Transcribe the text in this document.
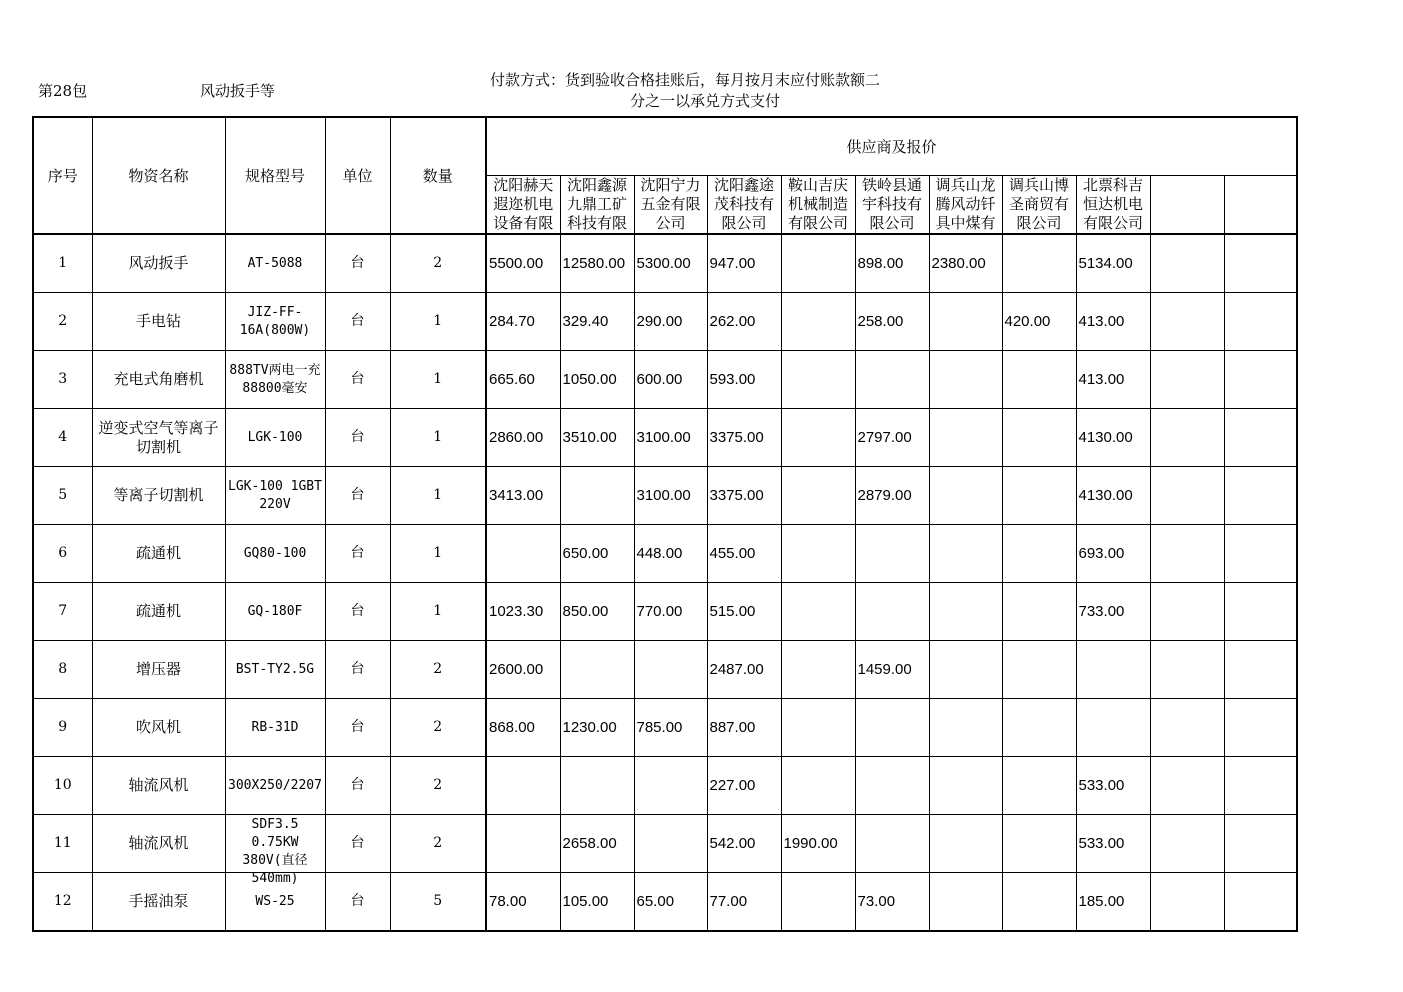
第28包	风动扳手等
付款方式：货到验收合格挂账后，每月按月末应付账款额二
分之一以承兑方式支付
序号	物资名称	规格型号	单位	数量	供应商及报价										

					沈阳赫天遐迩机电设备有限	沈阳鑫源九鼎工矿科技有限	沈阳宁力五金有限公司	沈阳鑫途茂科技有限公司	鞍山吉庆机械制造有限公司	铁岭县通宇科技有限公司	调兵山龙腾风动钎具中煤有	调兵山博圣商贸有限公司	北票科吉恒达机电有限公司		

1	风动扳手	AT-5088	台	2	5500.00	12580.00	5300.00	947.00		898.00	2380.00		5134.00		
2	手电钻	JIZ-FF-16A(800W)	台	1	284.70	329.40	290.00	262.00		258.00		420.00	413.00		
3	充电式角磨机	888TV两电一充88800毫安	台	1	665.60	1050.00	600.00	593.00					413.00		
4	逆变式空气等离子切割机	LGK-100	台	1	2860.00	3510.00	3100.00	3375.00		2797.00			4130.00		
5	等离子切割机	LGK-100 1GBT 220V	台	1	3413.00		3100.00	3375.00		2879.00			4130.00		
6	疏通机	GQ80-100	台	1		650.00	448.00	455.00					693.00		
7	疏通机	GQ-180F	台	1	1023.30	850.00	770.00	515.00					733.00		
8	增压器	BST-TY2.5G	台	2	2600.00			2487.00		1459.00					
9	吹风机	RB-31D	台	2	868.00	1230.00	785.00	887.00							
10	轴流风机	300X250/2207	台	2				227.00					533.00		
11	轴流风机	SDF3.5 0.75KW 380V(直径540mm)	台	2		2658.00		542.00	1990.00				533.00		
12	手摇油泵	WS-25	台	5	78.00	105.00	65.00	77.00		73.00			185.00		
